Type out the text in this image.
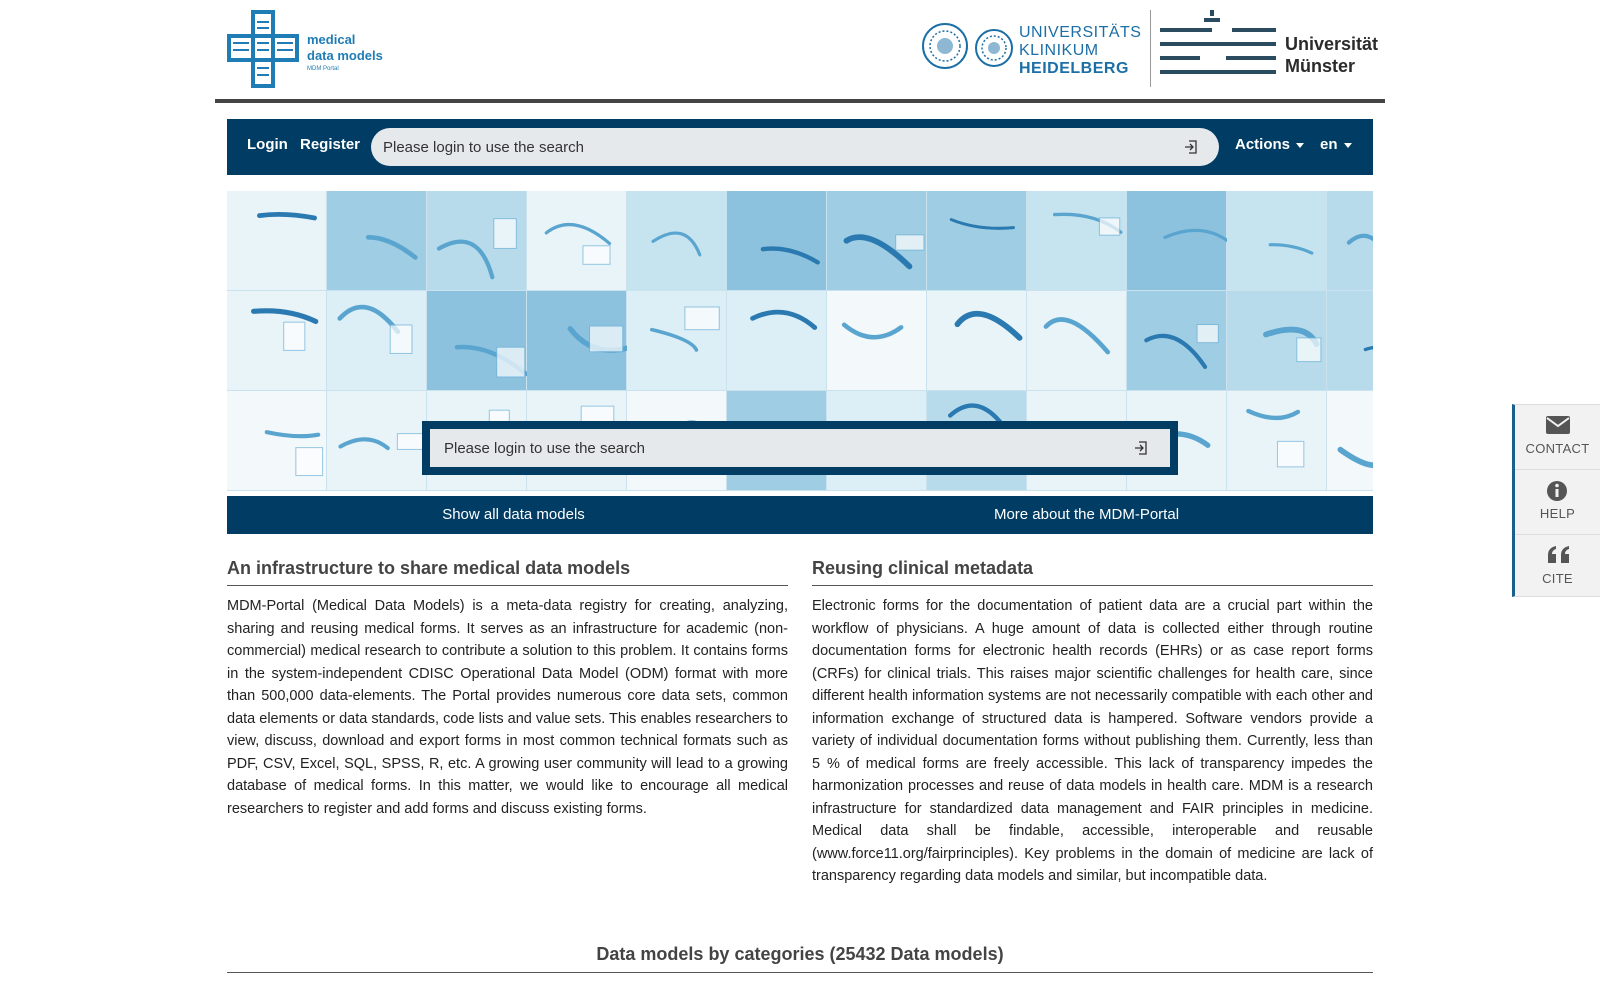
medical
data models
MDM Portal
UNIVERSITÄTS
KLINIKUM
HEIDELBERG
Universität
Münster
Login Register
Please login to use the search	Actions	en
Please login to use the search
Show all data models	More about the MDM-Portal
An infrastructure to share medical data models

MDM-Portal (Medical Data Models) is a meta-data registry for creating, analyzing, sharing and reusing medical forms. It serves as an infrastructure for academic (non-commercial) medical research to contribute a solution to this problem. It contains forms in the system-independent CDISC Operational Data Model (ODM) format with more than 500,000 data-elements. The Portal provides numerous core data sets, common data elements or data standards, code lists and value sets. This enables researchers to view, discuss, download and export forms in most common technical formats such as PDF, CSV, Excel, SQL, SPSS, R, etc. A growing user community will lead to a growing database of medical forms. In this matter, we would like to encourage all medical researchers to register and add forms and discuss existing forms.

Reusing clinical metadata

Electronic forms for the documentation of patient data are a crucial part within the workflow of physicians. A huge amount of data is collected either through routine documentation forms for electronic health records (EHRs) or as case report forms (CRFs) for clinical trials. This raises major scientific challenges for health care, since different health information systems are not necessarily compatible with each other and information exchange of structured data is hampered. Software vendors provide a variety of individual documentation forms without publishing them. Currently, less than 5 % of medical forms are freely accessible. This lack of transparency impedes the harmonization processes and reuse of data models in health care. MDM is a research infrastructure for standardized data management and FAIR principles in medicine. Medical data shall be findable, accessible, interoperable and reusable (www.force11.org/fairprinciples). Key problems in the domain of medicine are lack of transparency regarding data models and similar, but incompatible data.

Data models by categories (25432 Data models)
CONTACT
HELP
CITE
